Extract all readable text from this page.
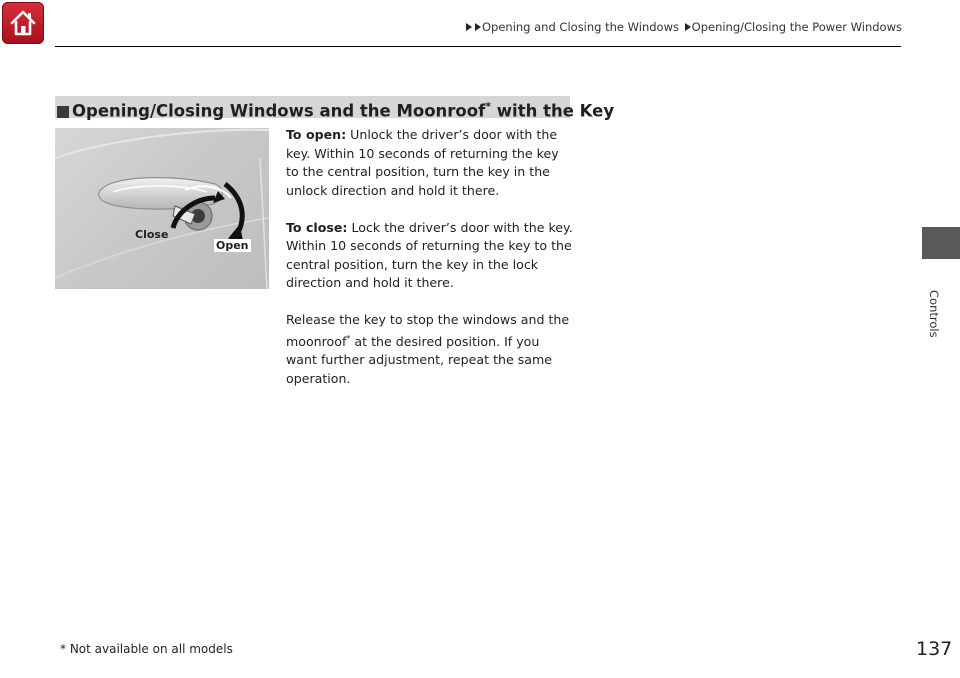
Opening and Closing the Windows Opening/Closing the Power Windows
Controls
Opening/Closing Windows and the Moonroof* with the Key
Close
Open

To open: Unlock the driver’s door with the key. Within 10 seconds of returning the key to the central position, turn the key in the unlock direction and hold it there.

To close: Lock the driver’s door with the key. Within 10 seconds of returning the key to the central position, turn the key in the lock direction and hold it there.

Release the key to stop the windows and the moonroof* at the desired position. If you want further adjustment, repeat the same operation.

* Not available on all models	137
